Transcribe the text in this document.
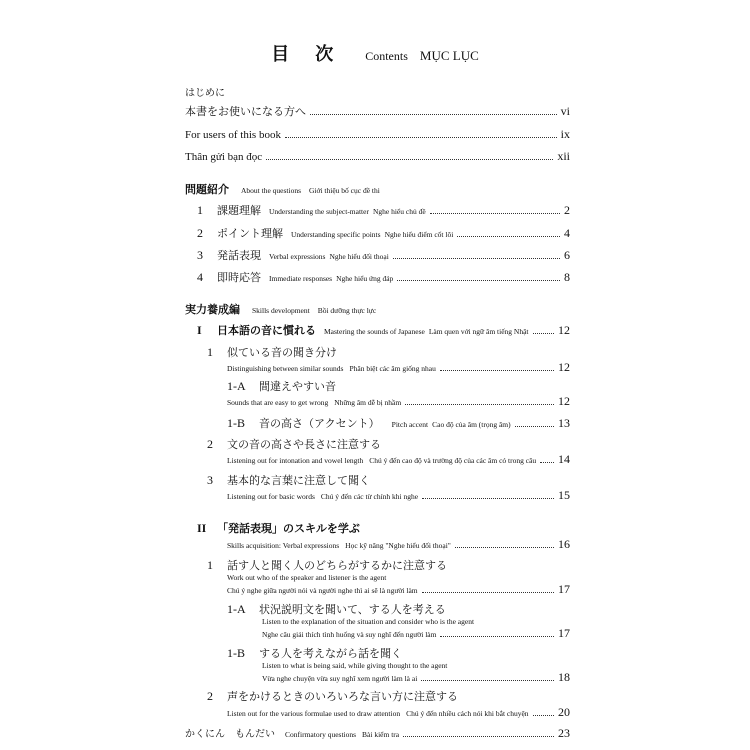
目次 Contents MỤC LỤC
はじめに
本書をお使いになる方へ	vi
For users of this book	ix
Thân gửi bạn đọc	xii
問題紹介 About the questions Giới thiệu bố cục đề thi
1	課題理解 Understanding the subject-matter Nghe hiểu chủ đề	2
2	ポイント理解 Understanding specific points Nghe hiểu điểm cốt lõi	4
3	発話表現 Verbal expressions Nghe hiểu đối thoại	6
4	即時応答 Immediate responses Nghe hiểu ứng đáp	8
実力養成編 Skills development Bồi dưỡng thực lực
I	日本語の音に慣れる Mastering the sounds of Japanese Làm quen với ngữ âm tiếng Nhật 12
1	似ている音の聞き分け
Distinguishing between similar sounds Phân biệt các âm giống nhau	12
1-A	間違えやすい音
Sounds that are easy to get wrong Những âm dễ bị nhầm	12
1-B	音の高さ（アクセント） Pitch accent Cao độ của âm (trọng âm)	13
2	文の音の高さや長さに注意する
Listening out for intonation and vowel length Chú ý đến cao độ và trường độ của các âm có trong câu 14
3	基本的な言葉に注意して聞く
Listening out for basic words Chú ý đến các từ chính khi nghe	15
II 「発話表現」のスキルを学ぶ
Skills acquisition: Verbal expressions Học kỹ năng "Nghe hiểu đối thoại"	16
1	話す人と聞く人のどちらがするかに注意する
Work out who of the speaker and listener is the agent
Chú ý nghe giữa người nói và người nghe thì ai sẽ là người làm	17
1-A	状況説明文を聞いて、する人を考える
Listen to the explanation of the situation and consider who is the agent
Nghe câu giải thích tình huống và suy nghĩ đến người làm	17
1-B	する人を考えながら話を聞く
Listen to what is being said, while giving thought to the agent
Vừa nghe chuyện vừa suy nghĩ xem người làm là ai	18
2	声をかけるときのいろいろな言い方に注意する
Listen out for the various formulae used to draw attention Chú ý đến nhiều cách nói khi bắt chuyện 20
かくにん　もんだい Confirmatory questions Bài kiểm tra	23
